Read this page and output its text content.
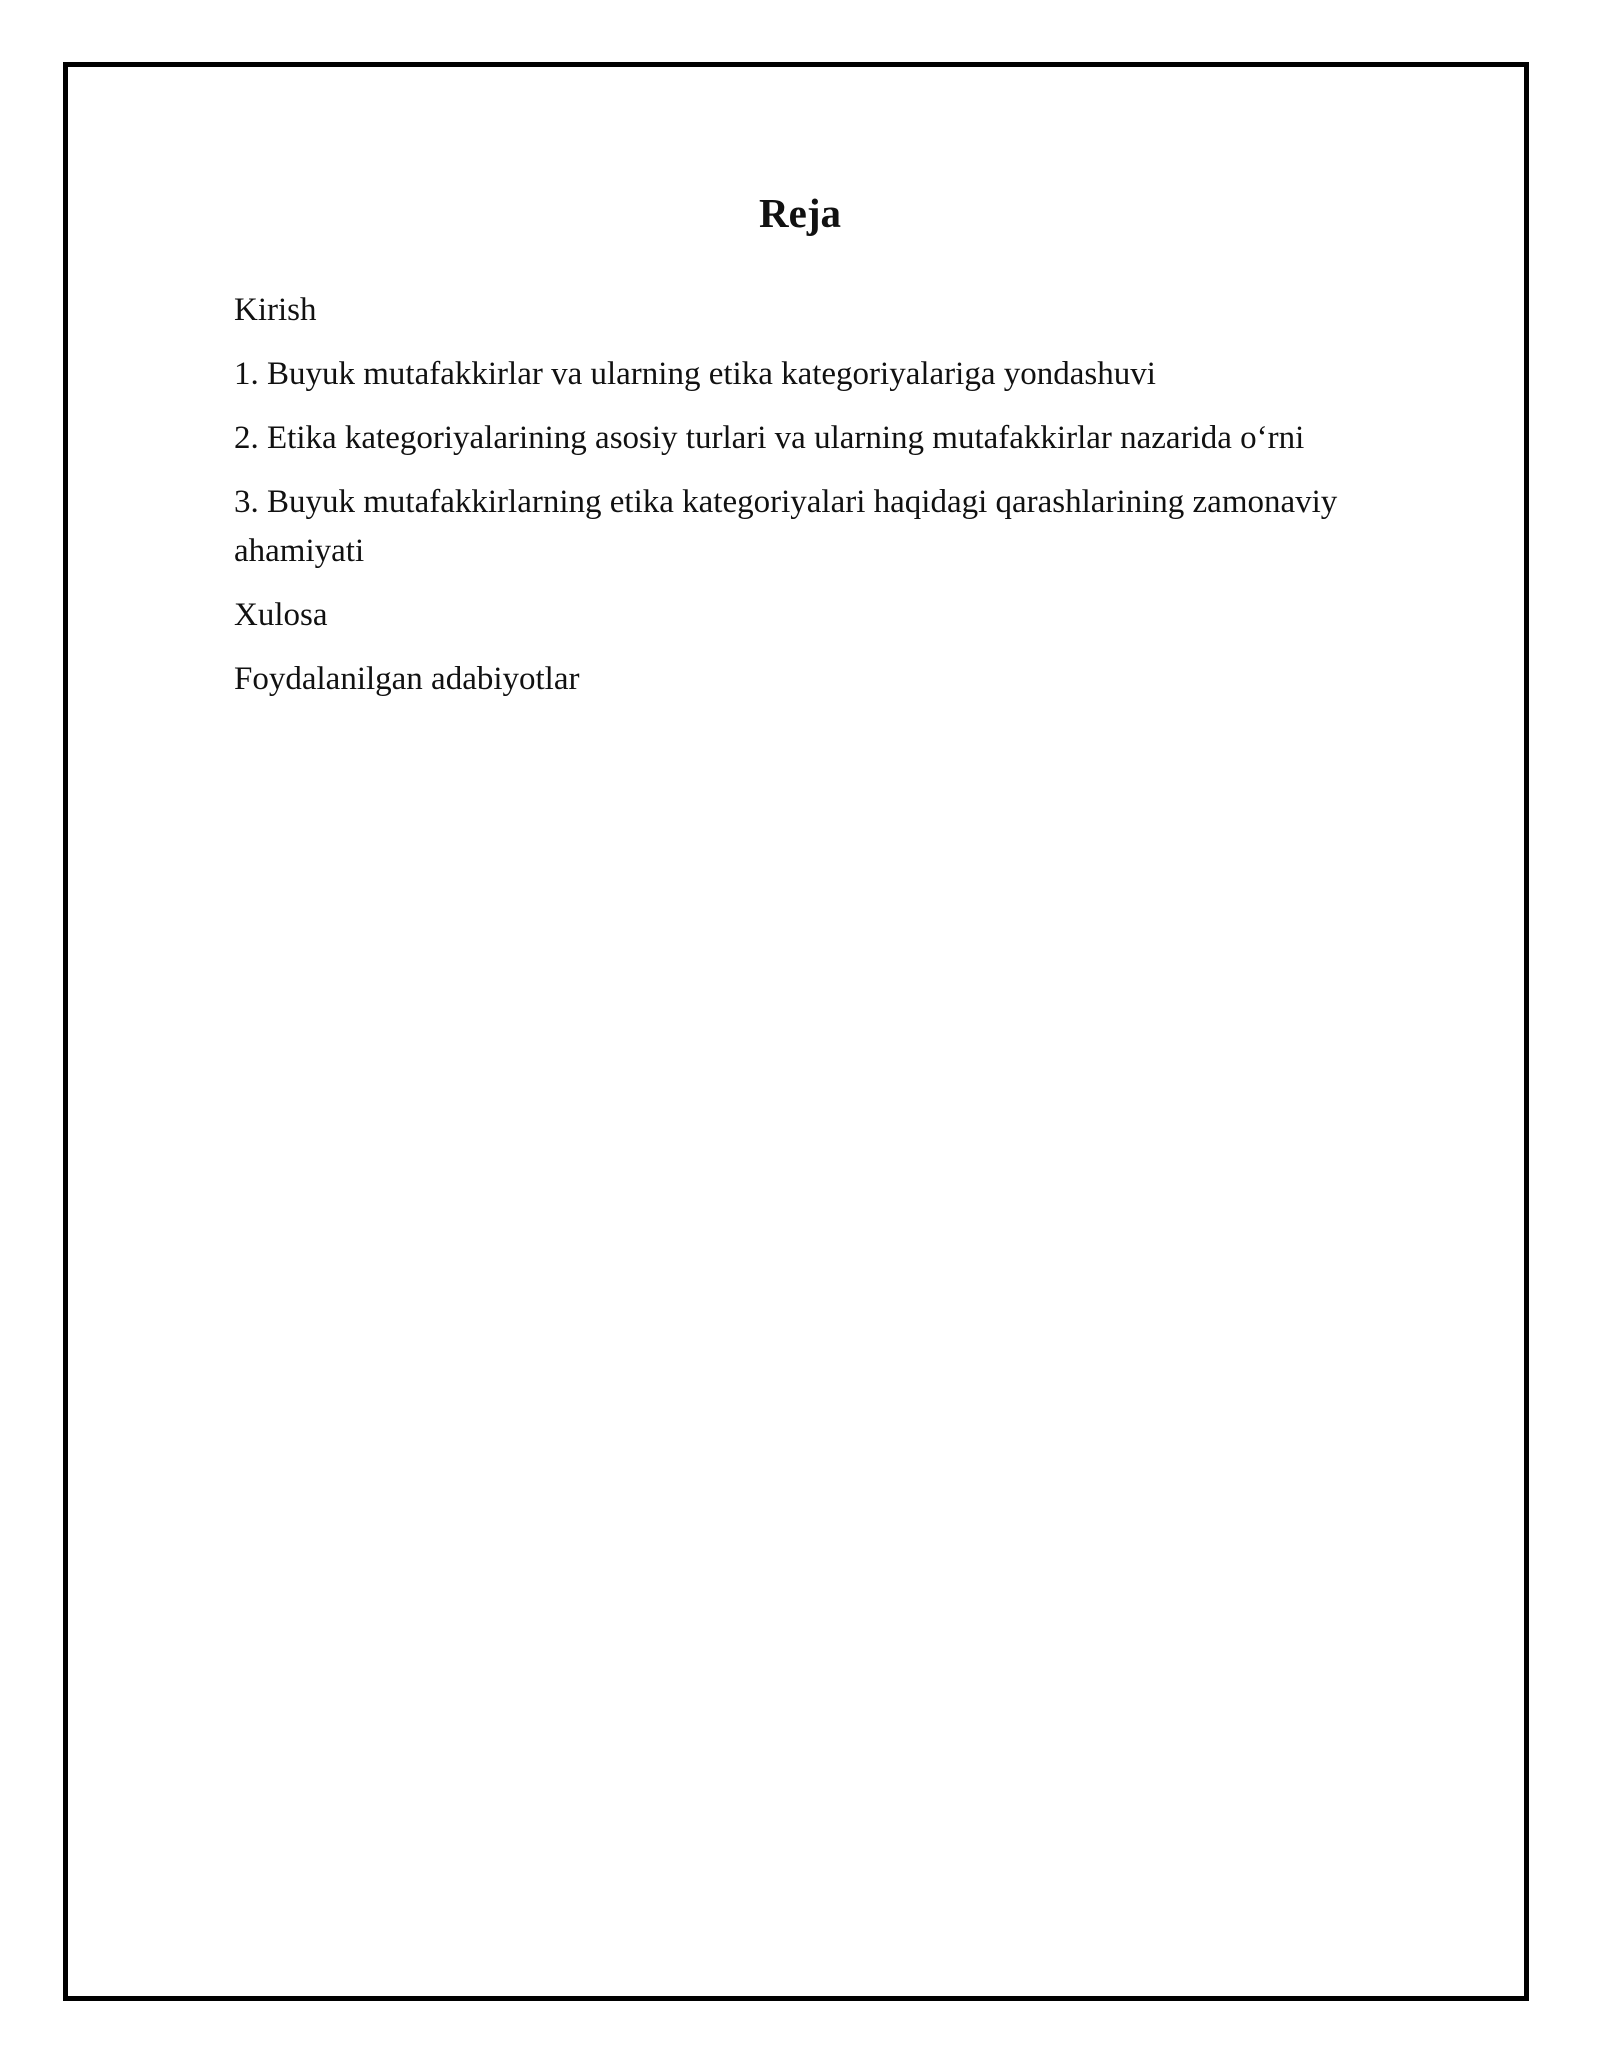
Reja
Kirish
1. Buyuk mutafakkirlar va ularning etika kategoriyalariga yondashuvi
2. Etika kategoriyalarining asosiy turlari va ularning mutafakkirlar nazarida o‘rni
3. Buyuk mutafakkirlarning etika kategoriyalari haqidagi qarashlarining zamonaviy ahamiyati
Xulosa
Foydalanilgan adabiyotlar
